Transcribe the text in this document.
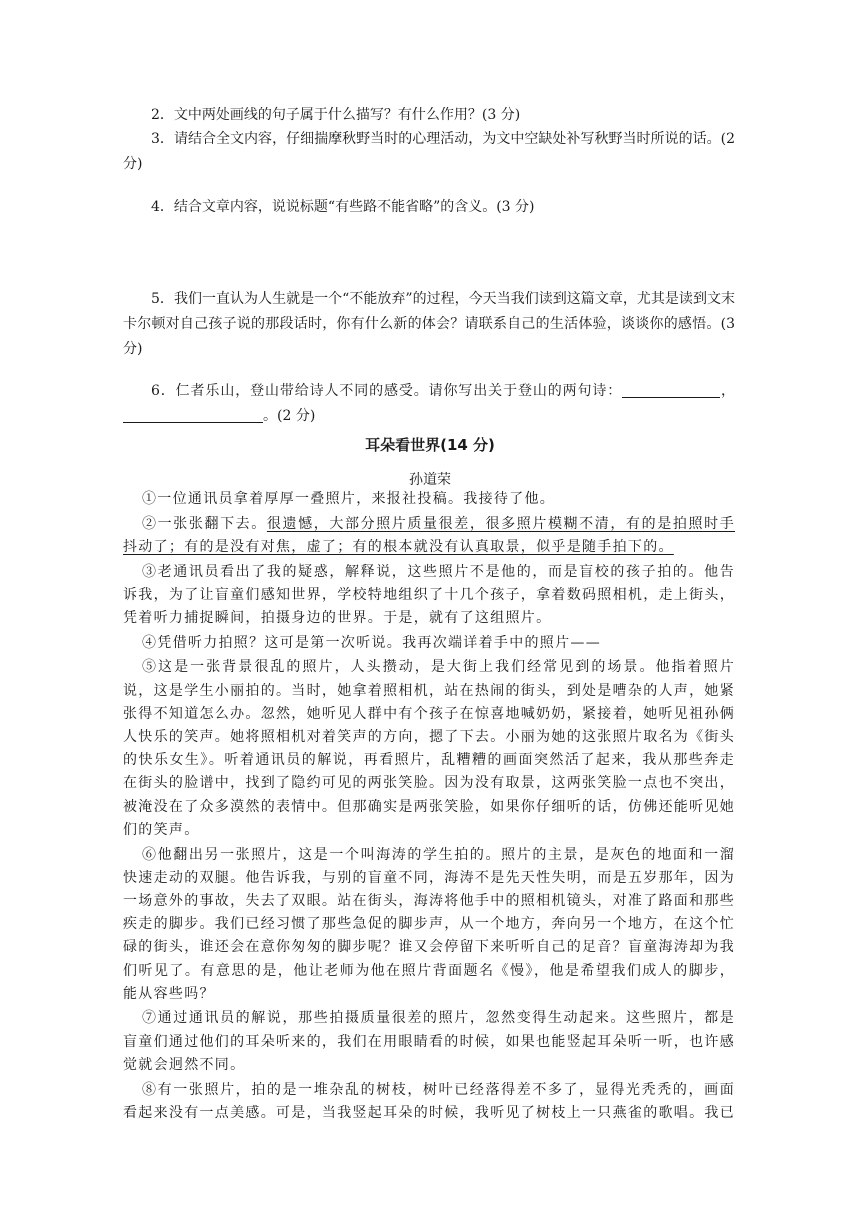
2．文中两处画线的句子属于什么描写？有什么作用？(3 分)

3．请结合全文内容，仔细揣摩秋野当时的心理活动，为文中空缺处补写秋野当时所说的话。(2 分)

4．结合文章内容，说说标题“有些路不能省略”的含义。(3 分)

5．我们一直认为人生就是一个“不能放弃”的过程，今天当我们读到这篇文章，尤其是读到文末卡尔顿对自己孩子说的那段话时，你有什么新的体会？请联系自己的生活体验，谈谈你的感悟。(3 分)

6．仁者乐山，登山带给诗人不同的感受。请你写出关于登山的两句诗：	，。(2 分)

耳朵看世界(14 分)
孙道荣

①一位通讯员拿着厚厚一叠照片，来报社投稿。我接待了他。

②一张张翻下去。很遗憾，大部分照片质量很差，很多照片模糊不清，有的是拍照时手抖动了；有的是没有对焦，虚了；有的根本就没有认真取景，似乎是随手拍下的。

③老通讯员看出了我的疑惑，解释说，这些照片不是他的，而是盲校的孩子拍的。他告诉我，为了让盲童们感知世界，学校特地组织了十几个孩子，拿着数码照相机，走上街头，凭着听力捕捉瞬间，拍摄身边的世界。于是，就有了这组照片。

④凭借听力拍照？这可是第一次听说。我再次端详着手中的照片——

⑤这是一张背景很乱的照片，人头攒动，是大街上我们经常见到的场景。他指着照片说，这是学生小丽拍的。当时，她拿着照相机，站在热闹的街头，到处是嘈杂的人声，她紧张得不知道怎么办。忽然，她听见人群中有个孩子在惊喜地喊奶奶，紧接着，她听见祖孙俩人快乐的笑声。她将照相机对着笑声的方向，摁了下去。小丽为她的这张照片取名为《街头的快乐女生》。听着通讯员的解说，再看照片，乱糟糟的画面突然活了起来，我从那些奔走在街头的脸谱中，找到了隐约可见的两张笑脸。因为没有取景，这两张笑脸一点也不突出，被淹没在了众多漠然的表情中。但那确实是两张笑脸，如果你仔细听的话，仿佛还能听见她们的笑声。

⑥他翻出另一张照片，这是一个叫海涛的学生拍的。照片的主景，是灰色的地面和一溜快速走动的双腿。他告诉我，与别的盲童不同，海涛不是先天性失明，而是五岁那年，因为一场意外的事故，失去了双眼。站在街头，海涛将他手中的照相机镜头，对准了路面和那些疾走的脚步。我们已经习惯了那些急促的脚步声，从一个地方，奔向另一个地方，在这个忙碌的街头，谁还会在意你匆匆的脚步呢？谁又会停留下来听听自己的足音？盲童海涛却为我们听见了。有意思的是，他让老师为他在照片背面题名《慢》，他是希望我们成人的脚步，能从容些吗？

⑦通过通讯员的解说，那些拍摄质量很差的照片，忽然变得生动起来。这些照片，都是盲童们通过他们的耳朵听来的，我们在用眼睛看的时候，如果也能竖起耳朵听一听，也许感觉就会迥然不同。

⑧有一张照片，拍的是一堆杂乱的树枝，树叶已经落得差不多了，显得光秃秃的，画面看起来没有一点美感。可是，当我竖起耳朵的时候，我听见了树枝上一只燕雀的歌唱。我已
